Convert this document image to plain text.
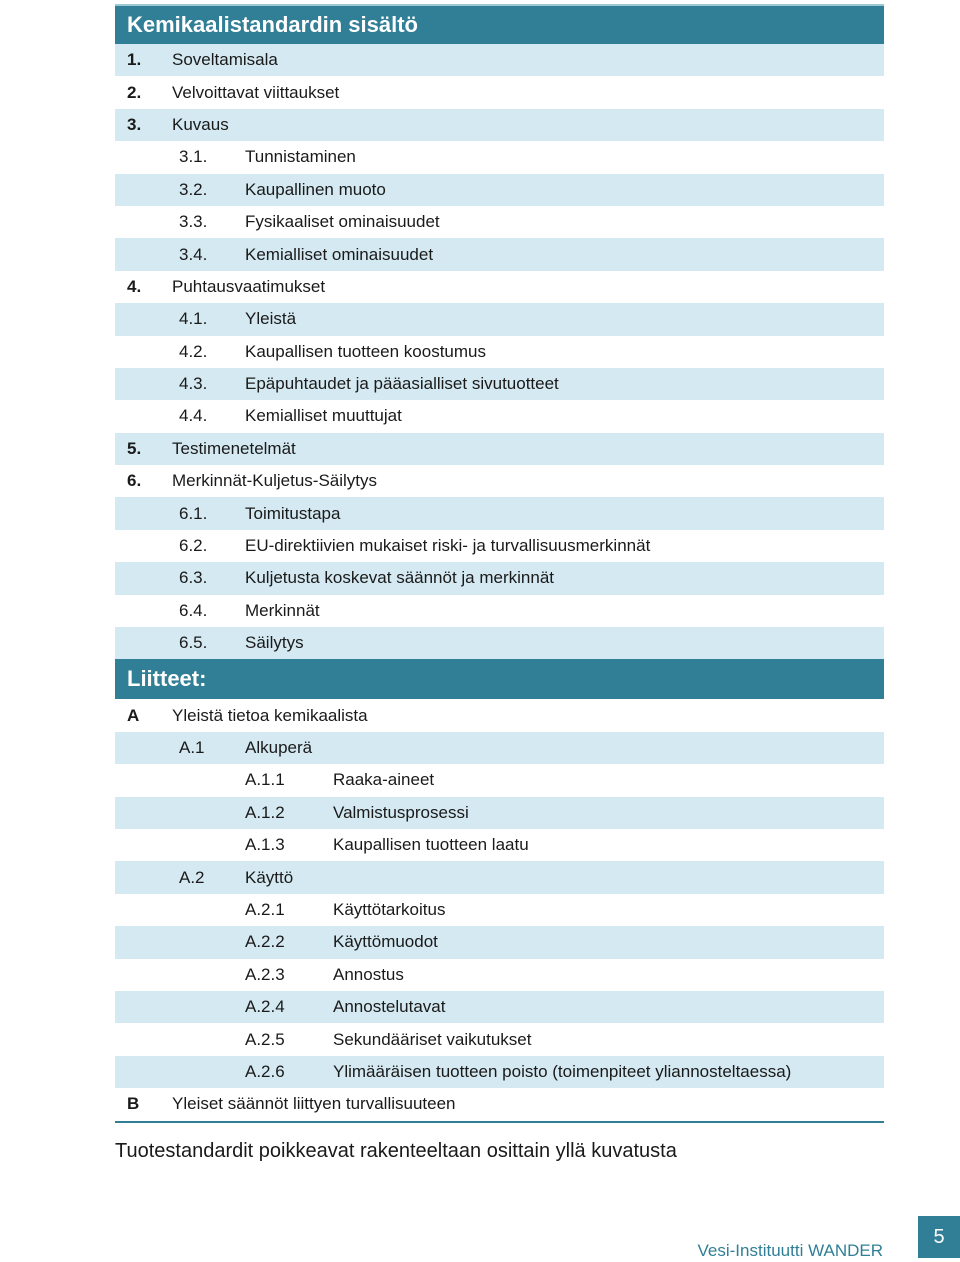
Kemikaalistandardin sisältö
1. Soveltamisala
2. Velvoittavat viittaukset
3. Kuvaus
3.1. Tunnistaminen
3.2. Kaupallinen muoto
3.3. Fysikaaliset ominaisuudet
3.4. Kemialliset ominaisuudet
4. Puhtausvaatimukset
4.1. Yleistä
4.2. Kaupallisen tuotteen koostumus
4.3. Epäpuhtaudet ja pääasialliset sivutuotteet
4.4. Kemialliset muuttujat
5. Testimenetelmät
6. Merkinnät-Kuljetus-Säilytys
6.1. Toimitustapa
6.2. EU-direktiivien mukaiset riski- ja turvallisuusmerkinnät
6.3. Kuljetusta koskevat säännöt ja merkinnät
6.4. Merkinnät
6.5. Säilytys
Liitteet:
A Yleistä tietoa kemikaalista
A.1 Alkuperä
A.1.1	Raaka-aineet
A.1.2	Valmistusprosessi
A.1.3	Kaupallisen tuotteen laatu
A.2 Käyttö
A.2.1	Käyttötarkoitus
A.2.2	Käyttömuodot
A.2.3	Annostus
A.2.4	Annostelutavat
A.2.5	Sekundääriset vaikutukset
A.2.6	Ylimääräisen tuotteen poisto (toimenpiteet yliannosteltaessa)
B Yleiset säännöt liittyen turvallisuuteen
Tuotestandardit poikkeavat rakenteeltaan osittain yllä kuvatusta
Vesi-Instituutti WANDER
5
